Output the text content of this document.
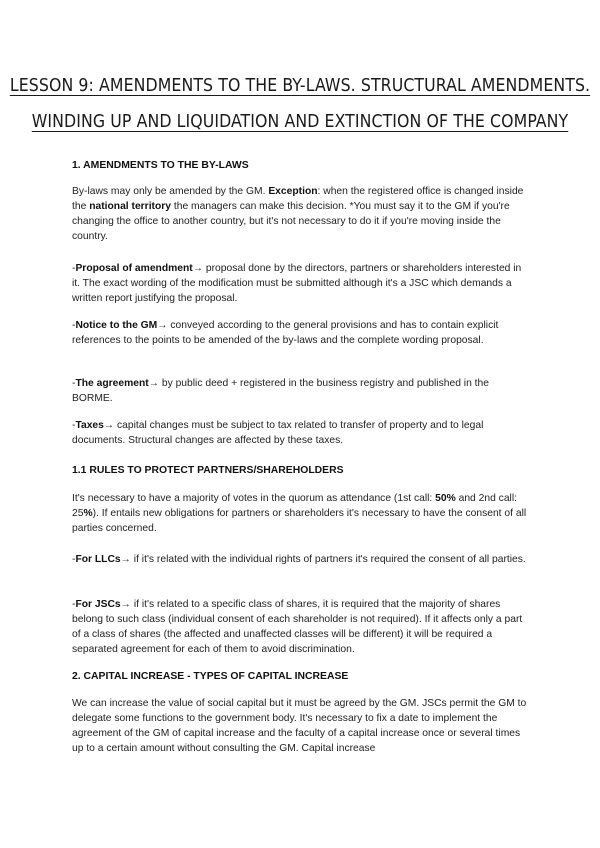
LESSON 9: AMENDMENTS TO THE BY-LAWS. STRUCTURAL AMENDMENTS.
WINDING UP AND LIQUIDATION AND EXTINCTION OF THE COMPANY
1. AMENDMENTS TO THE BY-LAWS

By-laws may only be amended by the GM. Exception: when the registered office is changed inside the national territory the managers can make this decision. *You must say it to the GM if you're changing the office to another country, but it's not necessary to do it if you're moving inside the country.

-Proposal of amendment→ proposal done by the directors, partners or shareholders interested in it. The exact wording of the modification must be submitted although it's a JSC which demands a written report justifying the proposal.

-Notice to the GM→ conveyed according to the general provisions and has to contain explicit references to the points to be amended of the by-laws and the complete wording proposal.

-The agreement→ by public deed + registered in the business registry and published in the BORME.

-Taxes→ capital changes must be subject to tax related to transfer of property and to legal documents. Structural changes are affected by these taxes.

1.1 RULES TO PROTECT PARTNERS/SHAREHOLDERS

It's necessary to have a majority of votes in the quorum as attendance (1st call: 50% and 2nd call: 25%). If entails new obligations for partners or shareholders it's necessary to have the consent of all parties concerned.

-For LLCs→ if it's related with the individual rights of partners it's required the consent of all parties.

-For JSCs→ if it's related to a specific class of shares, it is required that the majority of shares belong to such class (individual consent of each shareholder is not required). If it affects only a part of a class of shares (the affected and unaffected classes will be different) it will be required a separated agreement for each of them to avoid discrimination.

2. CAPITAL INCREASE - TYPES OF CAPITAL INCREASE

We can increase the value of social capital but it must be agreed by the GM. JSCs permit the GM to delegate some functions to the government body. It's necessary to fix a date to implement the agreement of the GM of capital increase and the faculty of a capital increase once or several times up to a certain amount without consulting the GM. Capital increase
